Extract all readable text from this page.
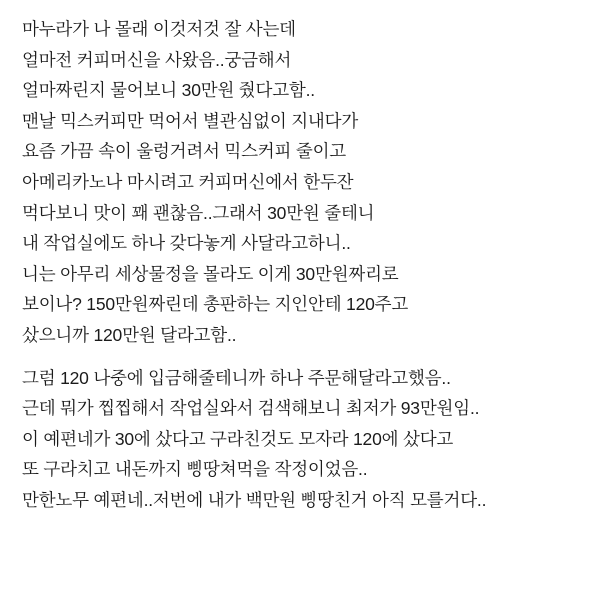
마누라가 나 몰래 이것저것 잘 사는데
얼마전 커피머신을 사왔음..궁금해서
얼마짜린지 물어보니 30만원 줬다고함..
맨날 믹스커피만 먹어서 별관심없이 지내다가
요즘 가끔 속이 울렁거려서 믹스커피 줄이고
아메리카노나 마시려고 커피머신에서 한두잔
먹다보니 맛이 꽤 괜찮음..그래서 30만원 줄테니
내 작업실에도 하나 갖다놓게 사달라고하니..
니는 아무리 세상물정을 몰라도 이게 30만원짜리로
보이나? 150만원짜린데 총판하는 지인안테 120주고
샀으니까 120만원 달라고함..
그럼 120 나중에 입금해줄테니까 하나 주문해달라고했음..
근데 뭐가 찝찝해서 작업실와서 검색해보니 최저가 93만원임..
이 예편네가 30에 샀다고 구라친것도 모자라 120에 샀다고
또 구라치고 내돈까지 삥땅쳐먹을 작정이었음..
만한노무 예편네..저번에 내가 백만원 삥땅친거 아직 모를거다..
